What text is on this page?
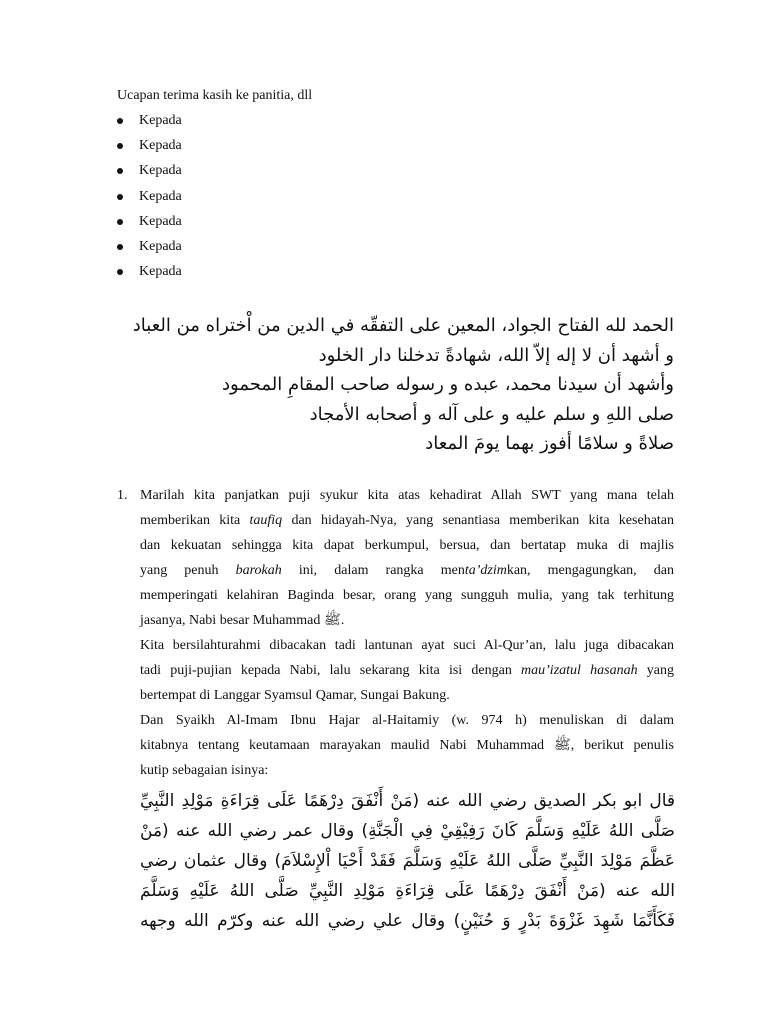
Ucapan terima kasih ke panitia, dll
Kepada
Kepada
Kepada
Kepada
Kepada
Kepada
Kepada
الحمد لله الفتاح الجواد، المعين على التفقّه في الدين من اْختراه من العباد
و أشهد أن لا إله إلاّ الله، شهادةً تدخلنا دار الخلود
وأشهد أن سيدنا محمد، عبده و رسوله صاحب المقامِ المحمود
صلى اللهِ و سلم عليه و على آله و أصحابه الأمجاد
صلاةً و سلامًا أفوز بهما يومَ المعاد
1. Marilah kita panjatkan puji syukur kita atas kehadirat Allah SWT yang mana telah
memberikan kita taufiq dan hidayah-Nya, yang senantiasa memberikan kita kesehatan
dan kekuatan sehingga kita dapat berkumpul, bersua, dan bertatap muka di majlis
yang penuh barokah ini, dalam rangka menta’dzimkan, mengagungkan, dan
memperingati kelahiran Baginda besar, orang yang sungguh mulia, yang tak terhitung
jasanya, Nabi besar Muhammad ﷺ.
Kita bersilahturahmi dibacakan tadi lantunan ayat suci Al-Qur’an, lalu juga dibacakan
tadi puji-pujian kepada Nabi, lalu sekarang kita isi dengan mau’izatul hasanah yang
bertempat di Langgar Syamsul Qamar, Sungai Bakung.
Dan Syaikh Al-Imam Ibnu Hajar al-Haitamiy (w. 974 h) menuliskan di dalam
kitabnya tentang keutamaan marayakan maulid Nabi Muhammad ﷺ, berikut penulis
kutip sebagaian isinya:
قال ابو بكر الصديق رضي الله عنه (مَنْ أَنْفَقَ دِرْهَمًا عَلَى قِرَاءَةِ مَوْلِدِ النَّبِيِّ
صَلَّى اللهُ عَلَيْهِ وَسَلَّمَ كَانَ رَفِيْقِيْ فِي الْجَنَّةِ) وقال عمر رضي الله عنه (مَنْ
عَظَّمَ مَوْلِدَ النَّبِيِّ صَلَّى اللهُ عَلَيْهِ وَسَلَّمَ فَقَدْ أَحْيَا اْلإِسْلاَمَ) وقال عثمان رضي
الله عنه (مَنْ أَنْفَقَ دِرْهَمًا عَلَى قِرَاءَةِ مَوْلِدِ النَّبِيِّ صَلَّى اللهُ عَلَيْهِ وَسَلَّمَ
فَكَأَنَّمَا شَهِدَ غَزْوَةَ بَدْرٍ وَ حُنَيْنٍ) وقال علي رضي الله عنه وكرّم الله وجهه
